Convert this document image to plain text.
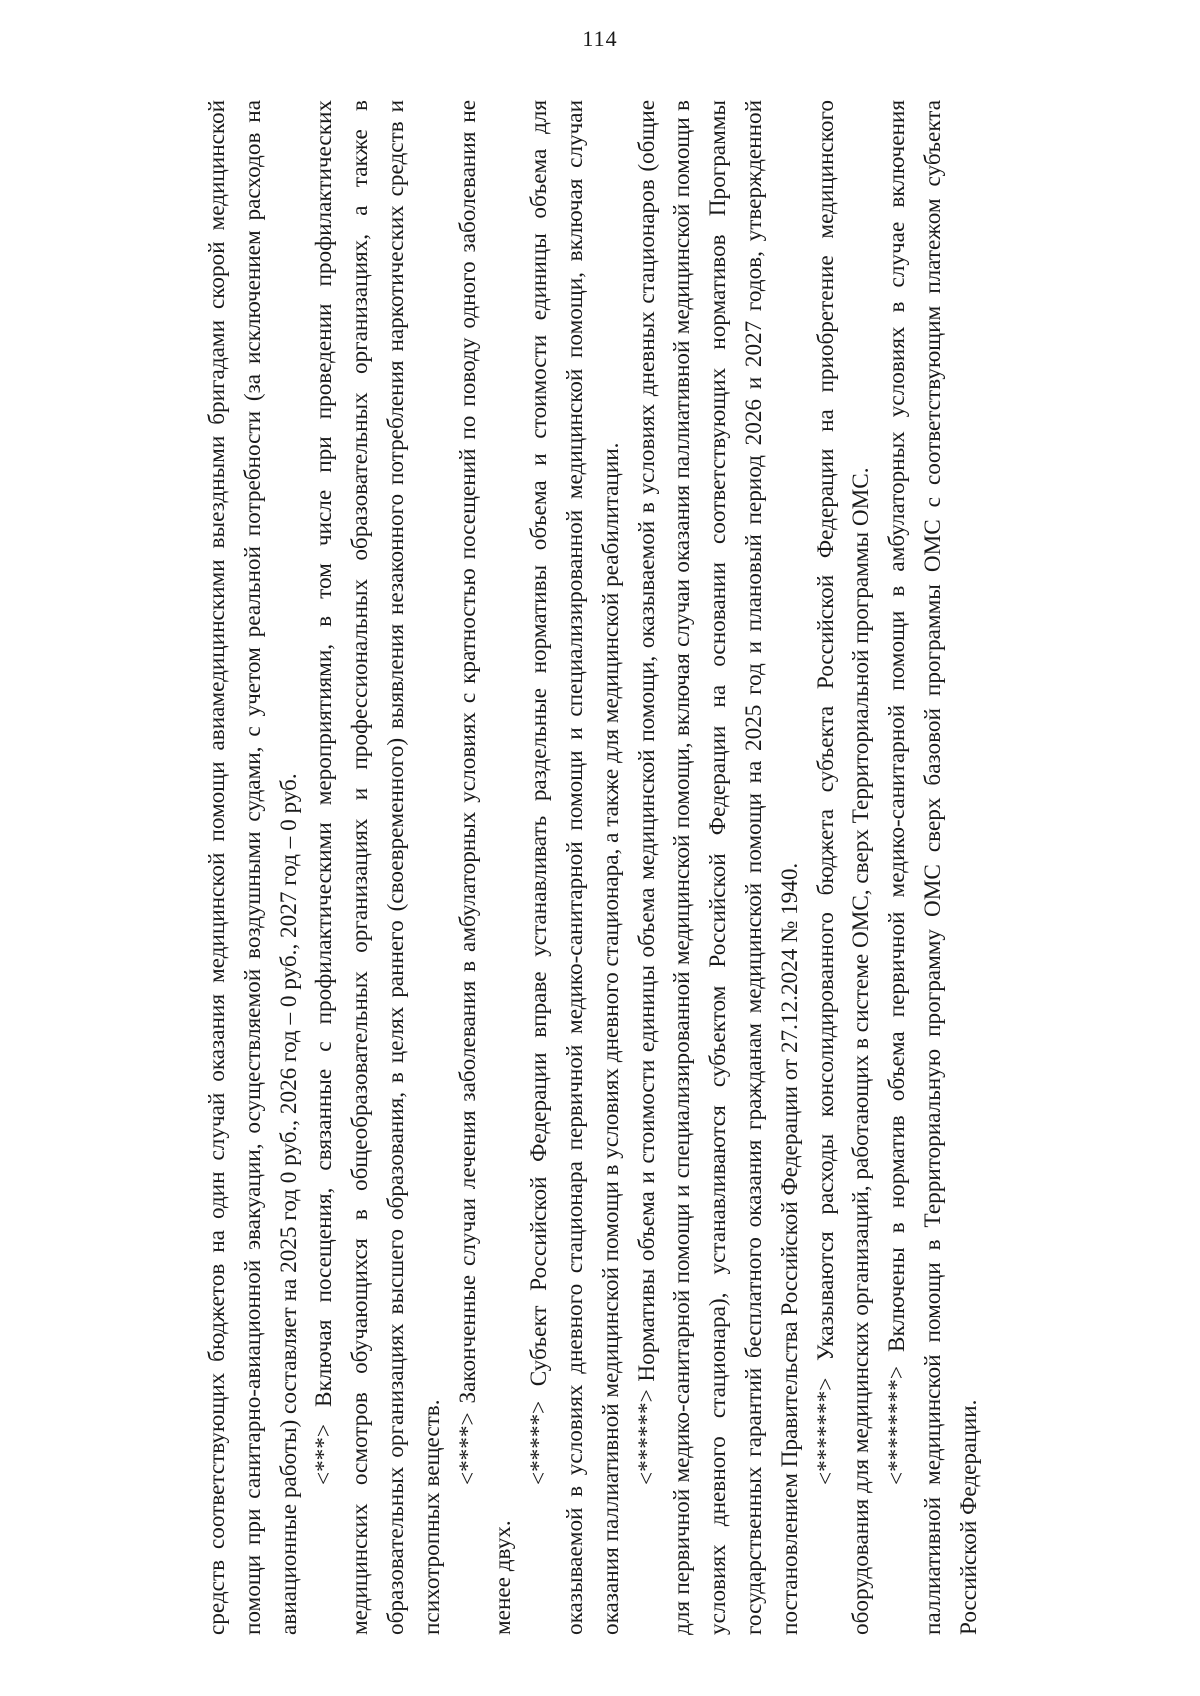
114

средств соответствующих бюджетов на один случай оказания медицинской помощи авиамедицинскими выездными бригадами скорой медицинской помощи при санитарно-авиационной эвакуации, осуществляемой воздушными судами, с учетом реальной потребности (за исключением расходов на авиационные работы) составляет на 2025 год 0 руб., 2026 год – 0 руб., 2027 год – 0 руб. <***> Включая посещения, связанные с профилактическими мероприятиями, в том числе при проведении профилактических медицинских осмотров обучающихся в общеобразовательных организациях и профессиональных образовательных организациях, а также в образовательных организациях высшего образования, в целях раннего (своевременного) выявления незаконного потребления наркотических средств и психотропных веществ.

<****> Законченные случаи лечения заболевания в амбулаторных условиях с кратностью посещений по поводу одного заболевания не менее двух.

<*****> Субъект Российской Федерации вправе устанавливать раздельные нормативы объема и стоимости единицы объема для оказываемой в условиях дневного стационара первичной медико-санитарной помощи и специализированной медицинской помощи, включая случаи оказания паллиативной медицинской помощи в условиях дневного стационара, а также для медицинской реабилитации. <******> Нормативы объема и стоимости единицы объема медицинской помощи, оказываемой в условиях дневных стационаров (общие для первичной медико-санитарной помощи и специализированной медицинской помощи, включая случаи оказания паллиативной медицинской помощи в условиях дневного стационара), устанавливаются субъектом Российской Федерации на основании соответствующих нормативов Программы государственных гарантий бесплатного оказания гражданам медицинской помощи на 2025 год и плановый период 2026 и 2027 годов, утвержденной постановлением Правительства Российской Федерации от 27.12.2024 № 1940. <*******> Указываются расходы консолидированного бюджета субъекта Российской Федерации на приобретение медицинского оборудования для медицинских организаций, работающих в системе ОМС, сверх Территориальной программы ОМС. <********> Включены в норматив объема первичной медико-санитарной помощи в амбулаторных условиях в случае включения паллиативной медицинской помощи в Территориальную программу ОМС сверх базовой программы ОМС с соответствующим платежом субъекта Российской Федерации.
